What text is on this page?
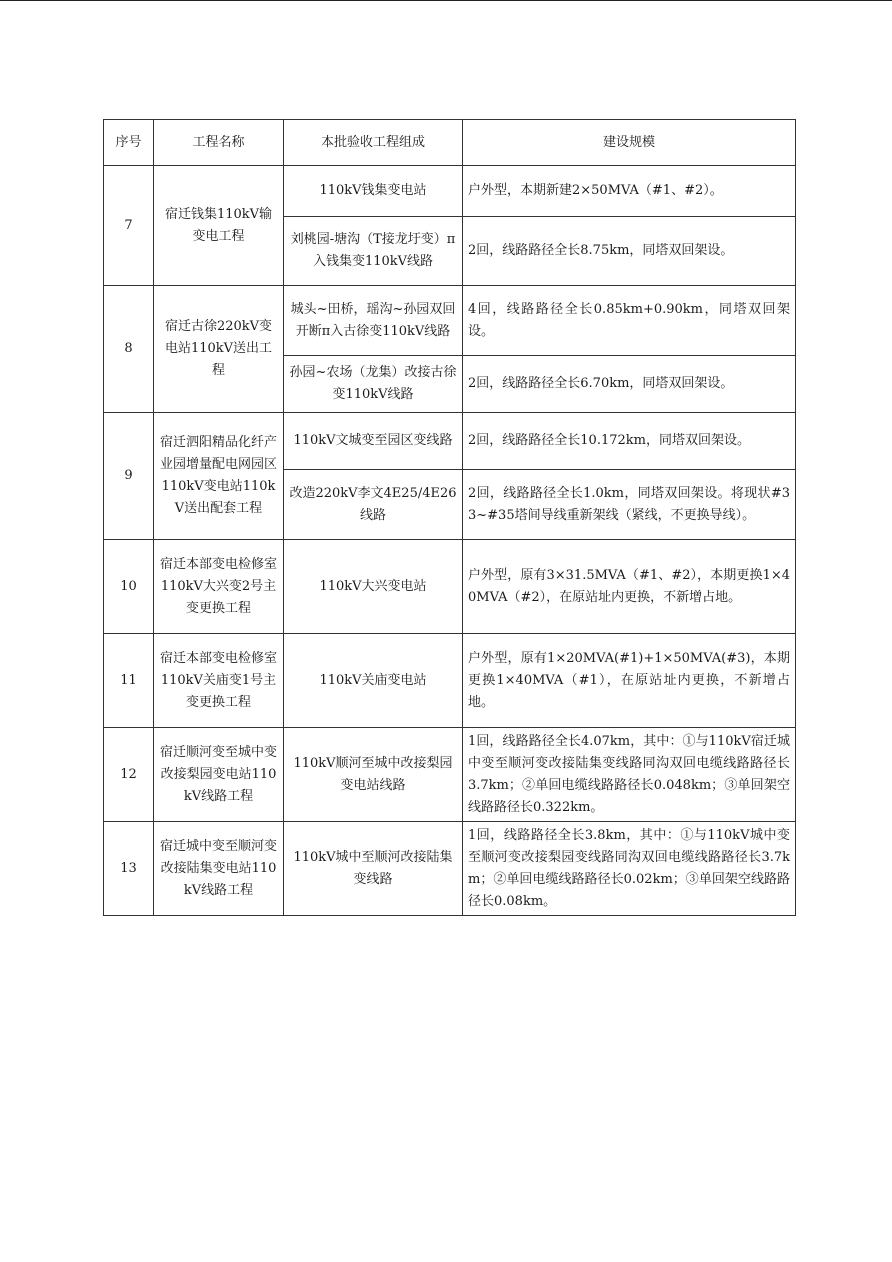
序号	工程名称	本批验收工程组成	建设规模
7	宿迁钱集110kV输变电工程	110kV钱集变电站	户外型，本期新建2×50MVA（#1、#2）。
		刘桃园-塘沟（T接龙圩变）π入钱集变110kV线路	2回，线路路径全长8.75km，同塔双回架设。
8	宿迁古徐220kV变电站110kV送出工程	城头~田桥，瑶沟~孙园双回开断π入古徐变110kV线路	4回，线路路径全长0.85km+0.90km，同塔双回架设。
		孙园~农场（龙集）改接古徐变110kV线路	2回，线路路径全长6.70km，同塔双回架设。
9	宿迁泗阳精品化纤产业园增量配电网园区110kV变电站110kV送出配套工程	110kV文城变至园区变线路	2回，线路路径全长10.172km，同塔双回架设。
		改造220kV李文4E25/4E26线路	2回，线路路径全长1.0km，同塔双回架设。将现状#33~#35塔间导线重新架线（紧线，不更换导线）。
10	宿迁本部变电检修室110kV大兴变2号主变更换工程	110kV大兴变电站	户外型，原有3×31.5MVA（#1、#2），本期更换1×40MVA（#2），在原站址内更换，不新增占地。
11	宿迁本部变电检修室110kV关庙变1号主变更换工程	110kV关庙变电站	户外型，原有1×20MVA(#1)+1×50MVA(#3)，本期更换1×40MVA（#1），在原站址内更换，不新增占地。
12	宿迁顺河变至城中变改接梨园变电站110kV线路工程	110kV顺河至城中改接梨园变电站线路	1回，线路路径全长4.07km，其中：①与110kV宿迁城中变至顺河变改接陆集变线路同沟双回电缆线路路径长3.7km；②单回电缆线路路径长0.048km；③单回架空线路路径长0.322km。
13	宿迁城中变至顺河变改接陆集变电站110kV线路工程	110kV城中至顺河改接陆集变线路	1回，线路路径全长3.8km，其中：①与110kV城中变至顺河变改接梨园变线路同沟双回电缆线路路径长3.7km；②单回电缆线路路径长0.02km；③单回架空线路路径长0.08km。
